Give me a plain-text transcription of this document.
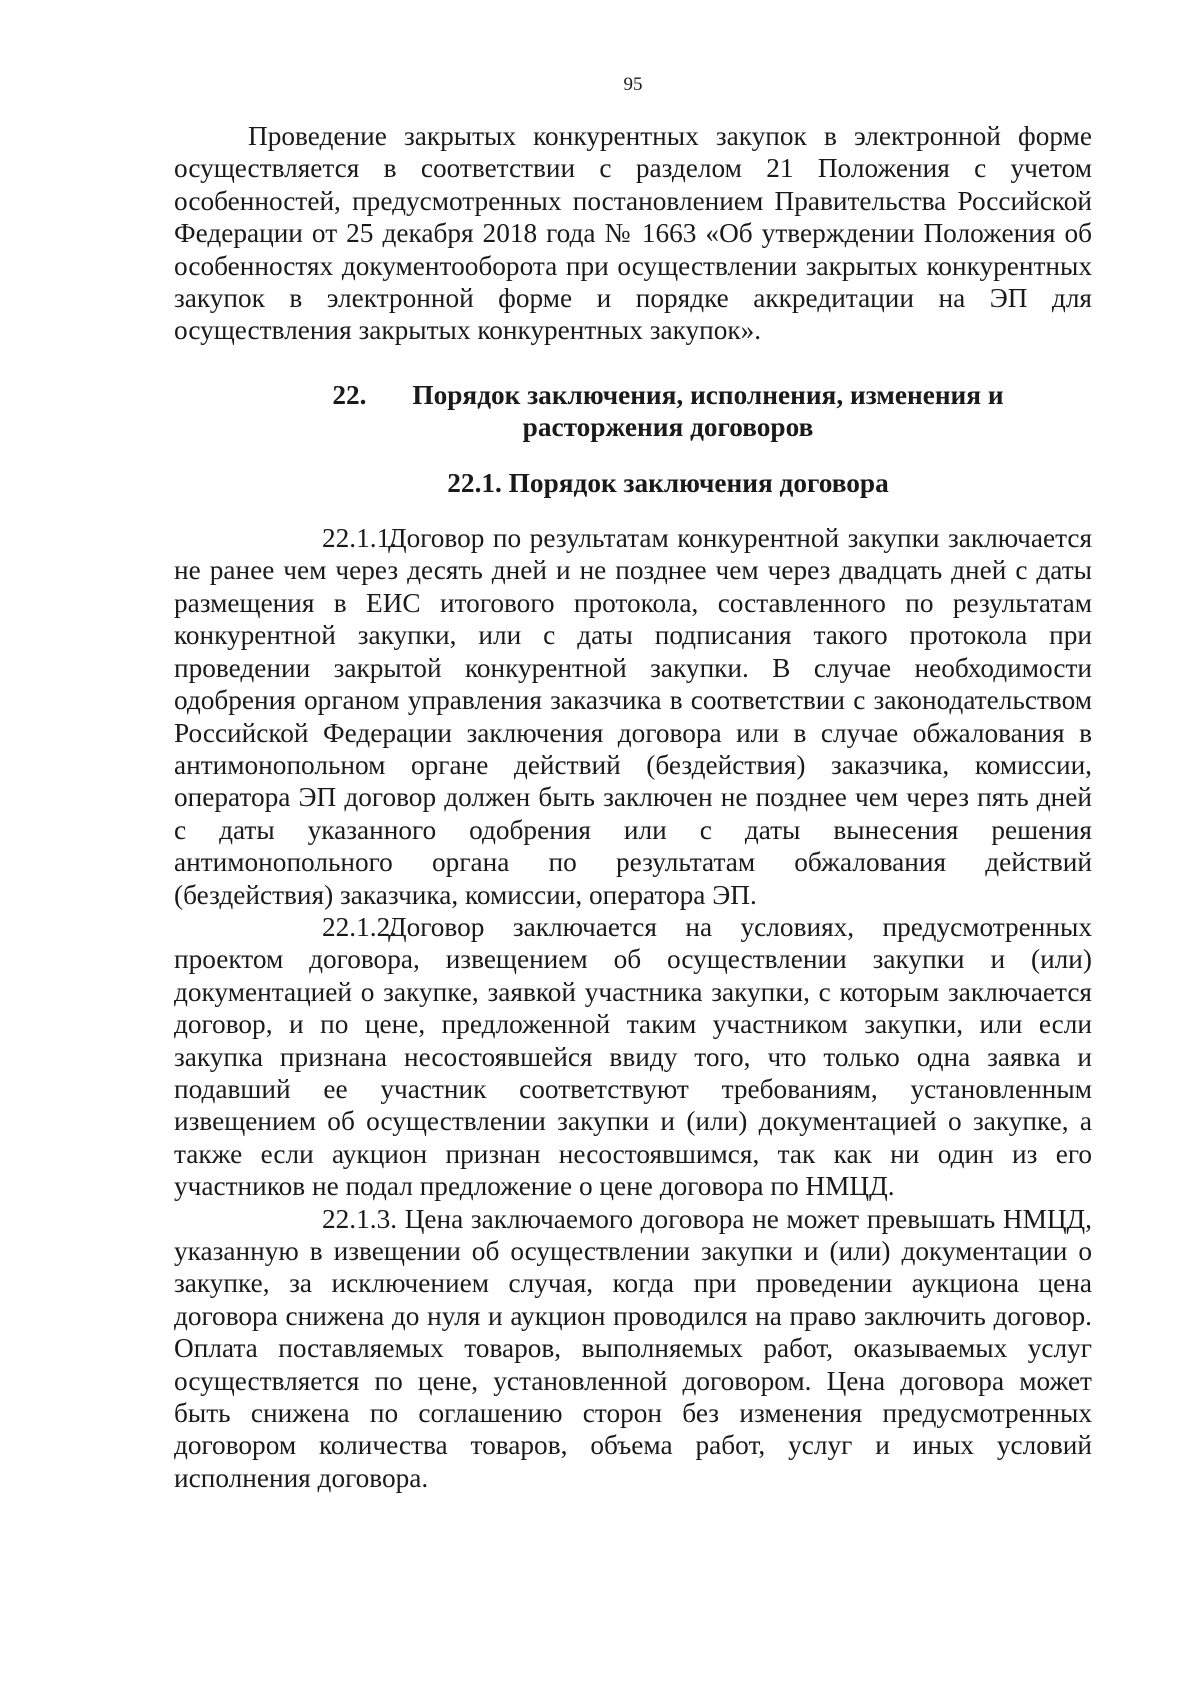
95

Проведение закрытых конкурентных закупок в электронной форме осуществляется в соответствии с разделом 21 Положения с учетом особенностей, предусмотренных постановлением Правительства Российской Федерации от 25 декабря 2018 года № 1663 «Об утверждении Положения об особенностях документооборота при осуществлении закрытых конкурентных закупок в электронной форме и порядке аккредитации на ЭП для осуществления закрытых конкурентных закупок».

22. Порядок заключения, исполнения, изменения и
расторжения договоров
22.1. Порядок заключения договора

22.1.1.Договор по результатам конкурентной закупки заключается не ранее чем через десять дней и не позднее чем через двадцать дней с даты размещения в ЕИС итогового протокола, составленного по результатам конкурентной закупки, или с даты подписания такого протокола при проведении закрытой конкурентной закупки. В случае необходимости одобрения органом управления заказчика в соответствии с законодательством Российской Федерации заключения договора или в случае обжалования в антимонопольном органе действий (бездействия) заказчика, комиссии, оператора ЭП договор должен быть заключен не позднее чем через пять дней с даты указанного одобрения или с даты вынесения решения антимонопольного органа по результатам обжалования действий (бездействия) заказчика, комиссии, оператора ЭП.

22.1.2.Договор заключается на условиях, предусмотренных проектом договора, извещением об осуществлении закупки и (или) документацией о закупке, заявкой участника закупки, с которым заключается договор, и по цене, предложенной таким участником закупки, или если закупка признана несостоявшейся ввиду того, что только одна заявка и подавший ее участник соответствуют требованиям, установленным извещением об осуществлении закупки и (или) документацией о закупке, а также если аукцион признан несостоявшимся, так как ни один из его участников не подал предложение о цене договора по НМЦД.

22.1.3. Цена заключаемого договора не может превышать НМЦД, указанную в извещении об осуществлении закупки и (или) документации о закупке, за исключением случая, когда при проведении аукциона цена договора снижена до нуля и аукцион проводился на право заключить договор. Оплата поставляемых товаров, выполняемых работ, оказываемых услуг осуществляется по цене, установленной договором. Цена договора может быть снижена по соглашению сторон без изменения предусмотренных договором количества товаров, объема работ, услуг и иных условий исполнения договора.
